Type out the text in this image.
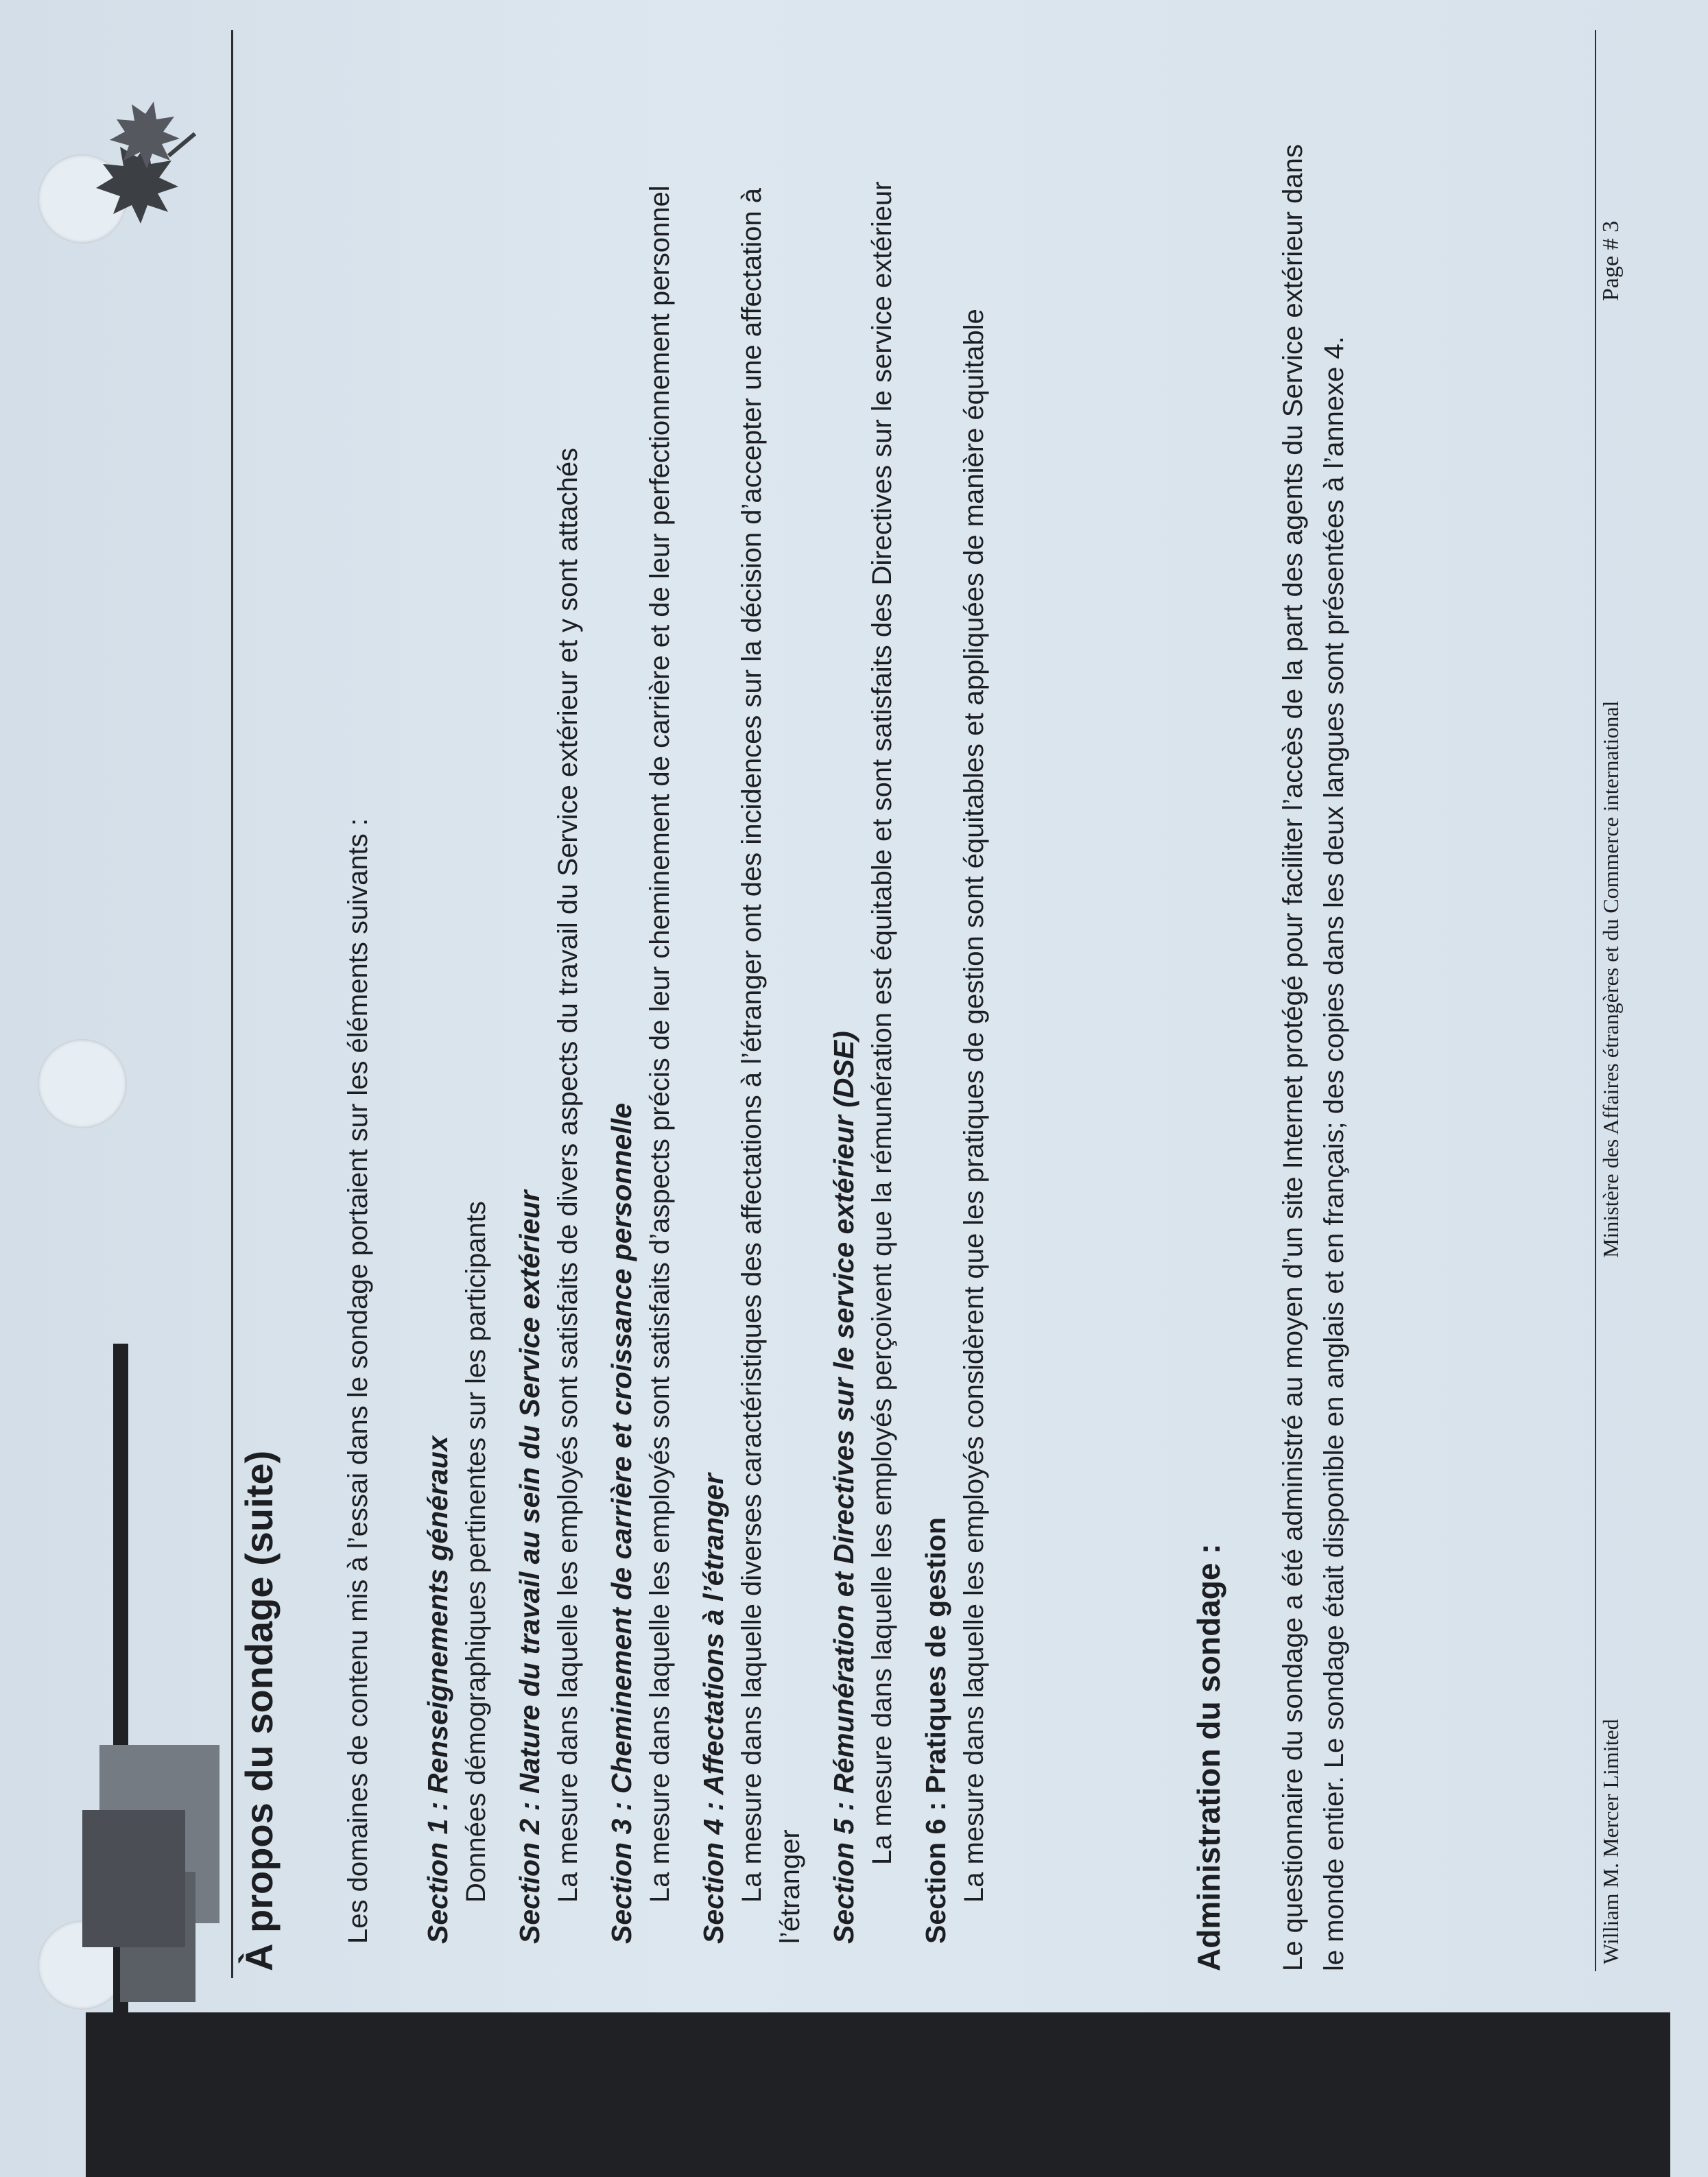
À propos du sondage (suite) Les domaines de contenu mis à l’essai dans le sondage portaient sur les éléments suivants : Section 1 : Renseignements généraux Données démographiques pertinentes sur les participants Section 2 : Nature du travail au sein du Service extérieur La mesure dans laquelle les employés sont satisfaits de divers aspects du travail du Service extérieur et y sont attachés Section 3 : Cheminement de carrière et croissance personnelle La mesure dans laquelle les employés sont satisfaits d’aspects précis de leur cheminement de carrière et de leur perfectionnement personnel Section 4 : Affectations à l’étranger La mesure dans laquelle diverses caractéristiques des affectations à l’étranger ont des incidences sur la décision d’accepter une affectation à l’étranger Section 5 : Rémunération et Directives sur le service extérieur (DSE) La mesure dans laquelle les employés perçoivent que la rémunération est équitable et sont satisfaits des Directives sur le service extérieur Section 6 : Pratiques de gestion La mesure dans laquelle les employés considèrent que les pratiques de gestion sont équitables et appliquées de manière équitable	Administration du sondage : Le questionnaire du sondage a été administré au moyen d’un site Internet protégé pour faciliter l’accès de la part des agents du Service extérieur dans le monde entier. Le sondage était disponible en anglais et en français; des copies dans les deux langues sont présentées à l’annexe 4.	William M. Mercer Limited
Ministère des Affaires étrangères et du Commerce international
Page # 3
